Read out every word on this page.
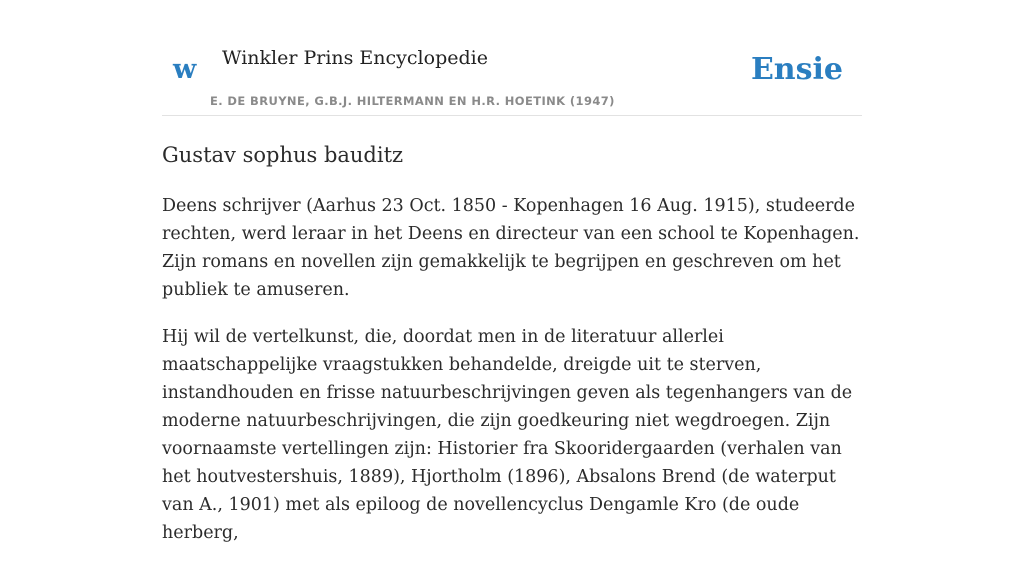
w Winkler Prins Encyclopedie
E. DE BRUYNE, G.B.J. HILTERMANN EN H.R. HOETINK (1947)
Ensie
Gustav sophus bauditz

Deens schrijver (Aarhus 23 Oct. 1850 - Kopenhagen 16 Aug. 1915), studeerde rechten, werd leraar in het Deens en directeur van een school te Kopenhagen. Zijn romans en novellen zijn gemakkelijk te begrijpen en geschreven om het publiek te amuseren.

Hij wil de vertelkunst, die, doordat men in de literatuur allerlei maatschappelijke vraagstukken behandelde, dreigde uit te sterven, instandhouden en frisse natuurbeschrijvingen geven als tegenhangers van de moderne natuurbeschrijvingen, die zijn goedkeuring niet wegdroegen. Zijn voornaamste vertellingen zijn: Historier fra Skooridergaarden (verhalen van het houtvestershuis, 1889), Hjortholm (1896), Absalons Brend (de waterput van A., 1901) met als epiloog de novellencyclus Dengamle Kro (de oude herberg,
